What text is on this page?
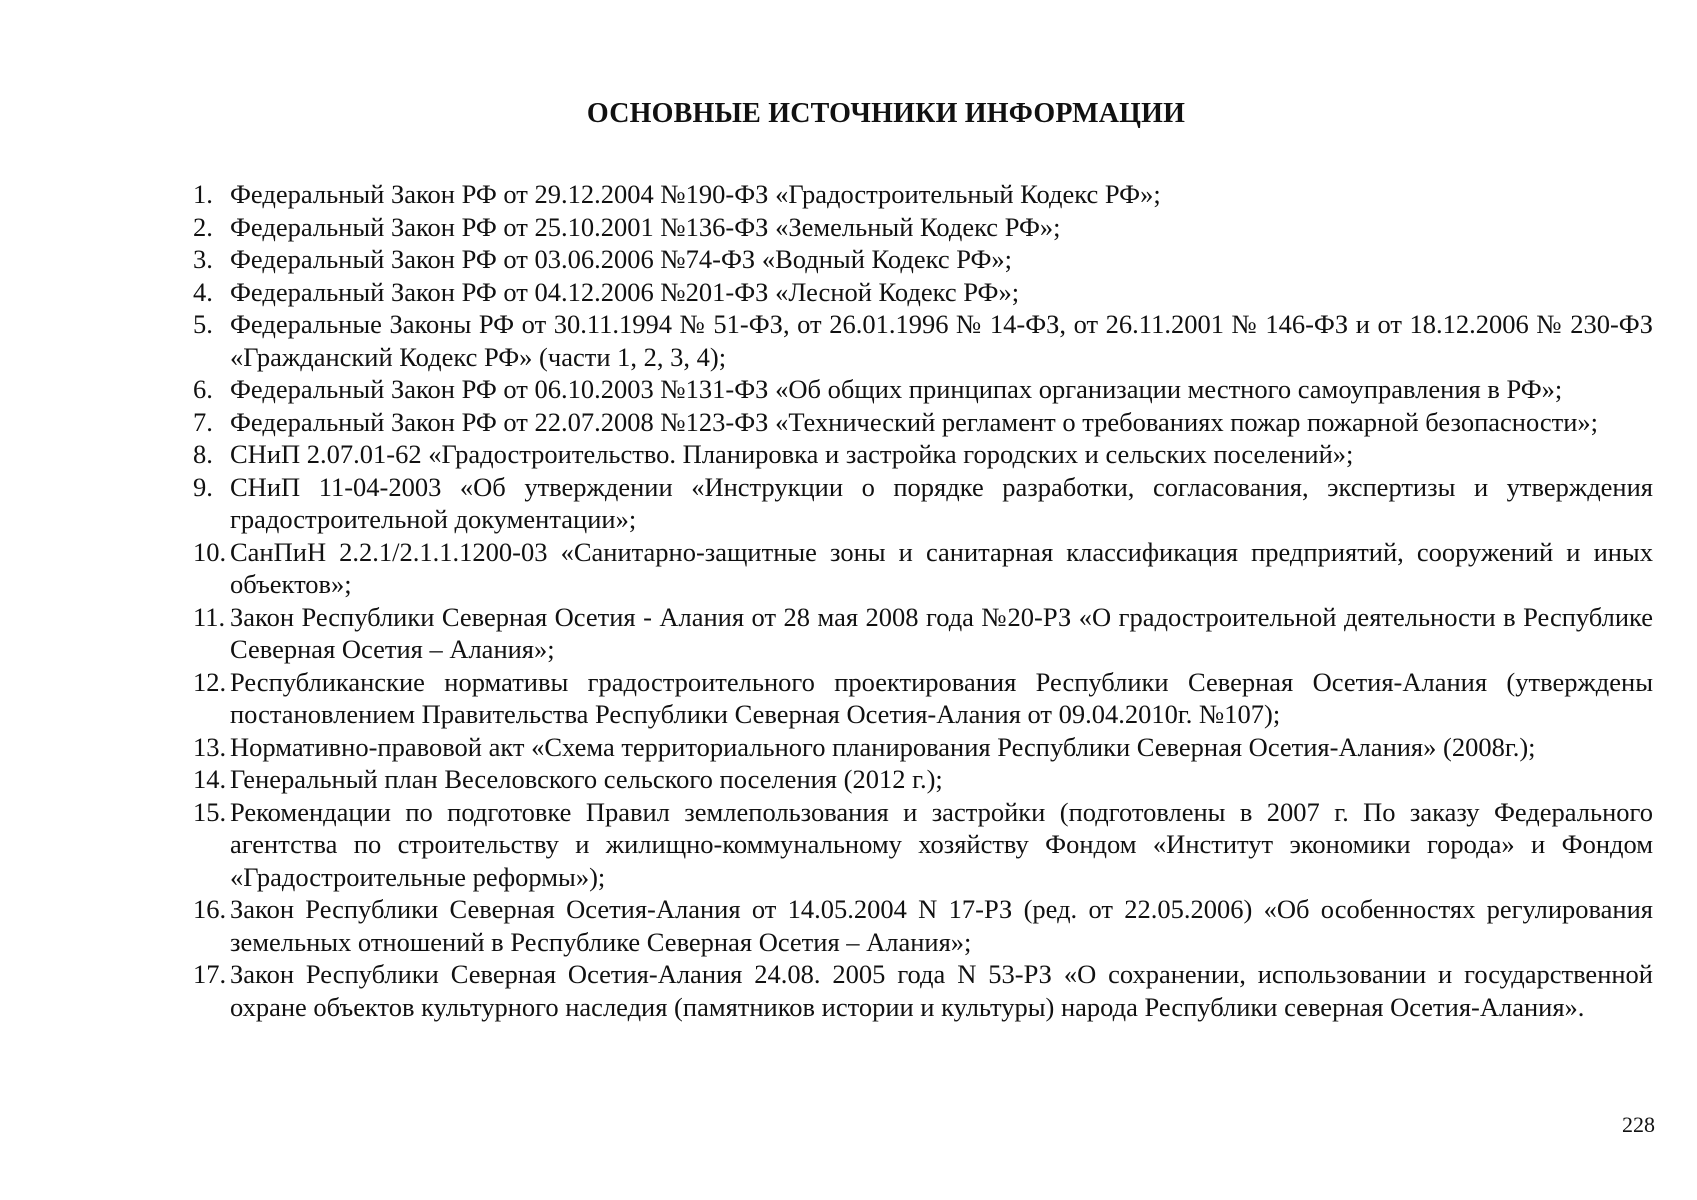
ОСНОВНЫЕ ИСТОЧНИКИ ИНФОРМАЦИИ
1. Федеральный Закон РФ от 29.12.2004 №190-ФЗ «Градостроительный Кодекс РФ»;
2. Федеральный Закон РФ от 25.10.2001 №136-ФЗ «Земельный Кодекс РФ»;
3. Федеральный Закон РФ от 03.06.2006 №74-ФЗ «Водный Кодекс РФ»;
4. Федеральный Закон РФ от 04.12.2006 №201-ФЗ «Лесной Кодекс РФ»;
5. Федеральные Законы РФ от 30.11.1994 № 51-ФЗ, от 26.01.1996 № 14-ФЗ, от 26.11.2001 № 146-ФЗ и от 18.12.2006 № 230-ФЗ «Гражданский Кодекс РФ» (части 1, 2, 3, 4);
6. Федеральный Закон РФ от 06.10.2003 №131-ФЗ «Об общих принципах организации местного самоуправления в РФ»;
7. Федеральный Закон РФ от 22.07.2008 №123-ФЗ «Технический регламент о требованиях пожар пожарной безопасности»;
8. СНиП 2.07.01-62 «Градостроительство. Планировка и застройка городских и сельских поселений»;
9. СНиП 11-04-2003 «Об утверждении «Инструкции о порядке разработки, согласования, экспертизы и утверждения градостроительной документации»;
10. СанПиН 2.2.1/2.1.1.1200-03 «Санитарно-защитные зоны и санитарная классификация предприятий, сооружений и иных объектов»;
11. Закон Республики Северная Осетия - Алания от 28 мая 2008 года №20-РЗ «О градостроительной деятельности в Республике Северная Осетия – Алания»;
12. Республиканские нормативы градостроительного проектирования Республики Северная Осетия-Алания (утверждены постановлением Правительства Республики Северная Осетия-Алания от 09.04.2010г. №107);
13. Нормативно-правовой акт «Схема территориального планирования Республики Северная Осетия-Алания» (2008г.);
14. Генеральный план Веселовского сельского поселения (2012 г.);
15. Рекомендации по подготовке Правил землепользования и застройки (подготовлены в 2007 г. По заказу Федерального агентства по строительству и жилищно-коммунальному хозяйству Фондом «Институт экономики города» и Фондом «Градостроительные реформы»);
16. Закон Республики Северная Осетия-Алания от 14.05.2004 N 17-РЗ (ред. от 22.05.2006) «Об особенностях регулирования земельных отношений в Республике Северная Осетия – Алания»;
17. Закон Республики Северная Осетия-Алания 24.08. 2005 года N 53-РЗ «О сохранении, использовании и государственной охране объектов культурного наследия (памятников истории и культуры) народа Республики северная Осетия-Алания».
228
